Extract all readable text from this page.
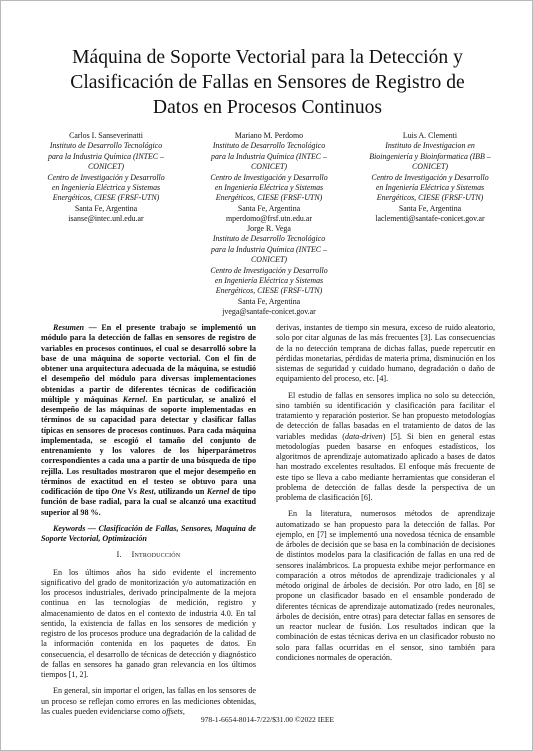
Máquina de Soporte Vectorial para la Detección y
Clasificación de Fallas en Sensores de Registro de
Datos en Procesos Continuos
Carlos I. Sanseverinatti
Instituto de Desarrollo Tecnológico
para la Industria Química (INTEC –
CONICET)
Centro de Investigación y Desarrollo
en Ingeniería Eléctrica y Sistemas
Energéticos, CIESE (FRSF-UTN)
Santa Fe, Argentina
isanse@intec.unl.edu.ar
Mariano M. Perdomo
Instituto de Desarrollo Tecnológico
para la Industria Química (INTEC –
CONICET)
Centro de Investigación y Desarrollo
en Ingeniería Eléctrica y Sistemas
Energéticos, CIESE (FRSF-UTN)
Santa Fe, Argentina
mperdomo@frsf.utn.edu.ar
Luis A. Clementi
Instituto de Investigacion en
Bioingeniería y Bioinformatica (IBB –
CONICET)
Centro de Investigación y Desarrollo
en Ingeniería Eléctrica y Sistemas
Energéticos, CIESE (FRSF-UTN)
Santa Fe, Argentina
laclementi@santafe-conicet.gov.ar
Jorge R. Vega
Instituto de Desarrollo Tecnológico
para la Industria Química (INTEC –
CONICET)
Centro de Investigación y Desarrollo
en Ingeniería Eléctrica y Sistemas
Energéticos, CIESE (FRSF-UTN)
Santa Fe, Argentina
jvega@santafe-conicet.gov.ar

Resumen — En el presente trabajo se implementó un módulo para la detección de fallas en sensores de registro de variables en procesos continuos, el cual se desarrolló sobre la base de una máquina de soporte vectorial. Con el fin de obtener una arquitectura adecuada de la máquina, se estudió el desempeño del módulo para diversas implementaciones obtenidas a partir de diferentes técnicas de codificación múltiple y máquinas Kernel. En particular, se analizó el desempeño de las máquinas de soporte implementadas en términos de su capacidad para detectar y clasificar fallas típicas en sensores de procesos continuos. Para cada máquina implementada, se escogió el tamaño del conjunto de entrenamiento y los valores de los hiperparámetros correspondientes a cada una a partir de una búsqueda de tipo rejilla. Los resultados mostraron que el mejor desempeño en términos de exactitud en el testeo se obtuvo para una codificación de tipo One Vs Rest, utilizando un Kernel de tipo función de base radial, para la cual se alcanzó una exactitud superior al 98 %.

Keywords — Clasificación de Fallas, Sensores, Maquina de Soporte Vectorial, Optimización

I. Introducción

En los últimos años ha sido evidente el incremento significativo del grado de monitorización y/o automatización en los procesos industriales, derivado principalmente de la mejora continua en las tecnologías de medición, registro y almacenamiento de datos en el contexto de industria 4.0. En tal sentido, la existencia de fallas en los sensores de medición y registro de los procesos produce una degradación de la calidad de la información contenida en los paquetes de datos. En consecuencia, el desarrollo de técnicas de detección y diagnóstico de fallas en sensores ha ganado gran relevancia en los últimos tiempos [1, 2].

En general, sin importar el origen, las fallas en los sensores de un proceso se reflejan como errores en las mediciones obtenidas, las cuales pueden evidenciarse como offsets,

derivas, instantes de tiempo sin mesura, exceso de ruido aleatorio, solo por citar algunas de las más frecuentes [3]. Las consecuencias de la no detección temprana de dichas fallas, puede repercutir en pérdidas monetarias, pérdidas de materia prima, disminución en los sistemas de seguridad y cuidado humano, degradación o daño de equipamiento del proceso, etc. [4].

El estudio de fallas en sensores implica no solo su detección, sino también su identificación y clasificación para facilitar el tratamiento y reparación posterior. Se han propuesto metodologías de detección de fallas basadas en el tratamiento de datos de las variables medidas (data-driven) [5]. Si bien en general estas metodologías pueden basarse en enfoques estadísticos, los algoritmos de aprendizaje automatizado aplicado a bases de datos han mostrado excelentes resultados. El enfoque más frecuente de este tipo se lleva a cabo mediante herramientas que consideran el problema de detección de fallas desde la perspectiva de un problema de clasificación [6].

En la literatura, numerosos métodos de aprendizaje automatizado se han propuesto para la detección de fallas. Por ejemplo, en [7] se implementó una novedosa técnica de ensamble de árboles de decisión que se basa en la combinación de decisiones de distintos modelos para la clasificación de fallas en una red de sensores inalámbricos. La propuesta exhibe mejor performance en comparación a otros métodos de aprendizaje tradicionales y al método original de árboles de decisión. Por otro lado, en [8] se propone un clasificador basado en el ensamble ponderado de diferentes técnicas de aprendizaje automatizado (redes neuronales, árboles de decisión, entre otras) para detectar fallas en sensores de un reactor nuclear de fusión. Los resultados indican que la combinación de estas técnicas deriva en un clasificador robusto no solo para fallas ocurridas en el sensor, sino también para condiciones normales de operación.

978-1-6654-8014-7/22/$31.00 ©2022 IEEE
